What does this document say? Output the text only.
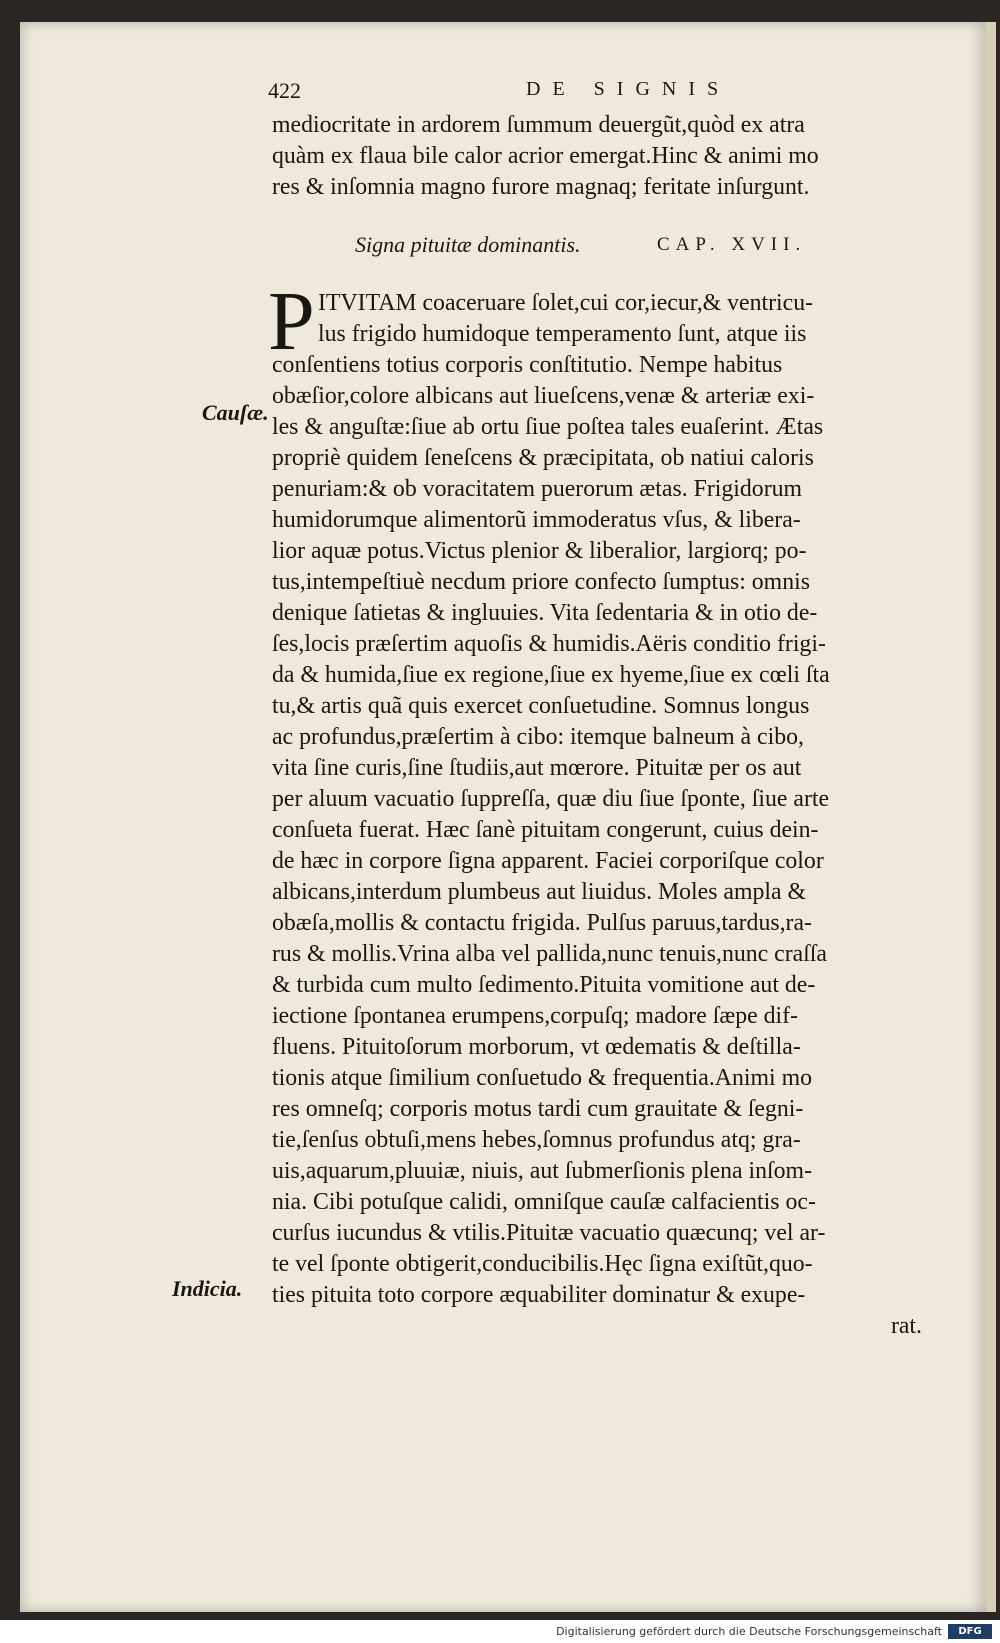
422	DE SIGNIS
mediocritate in ardorem ſummum deuergũt,quòd ex atra
quàm ex flaua bile calor acrior emergat.Hinc & animi mo
res & inſomnia magno furore magnaq; feritate inſurgunt.
Signa pituitæ dominantis.	CAP. XVII.
P ITVITAM coaceruare ſolet,cui cor,iecur,& ventricu-
lus frigido humidoque temperamento ſunt, atque iis
conſentiens totius corporis conſtitutio. Nempe habitus
obæſior,colore albicans aut liueſcens,venæ & arteriæ exi-
les & anguſtæ:ſiue ab ortu ſiue poſtea tales euaſerint. Ætas
propriè quidem ſeneſcens & præcipitata, ob natiui caloris
penuriam:& ob voracitatem puerorum ætas. Frigidorum
humidorumque alimentorũ immoderatus vſus, & libera-
lior aquæ potus.Victus plenior & liberalior, largiorq; po-
tus,intempeſtiuè necdum priore confecto ſumptus: omnis
denique ſatietas & ingluuies. Vita ſedentaria & in otio de-
ſes,locis præſertim aquoſis & humidis.Aëris conditio frigi-
da & humida,ſiue ex regione,ſiue ex hyeme,ſiue ex cœli ſta
tu,& artis quã quis exercet conſuetudine. Somnus longus
ac profundus,præſertim à cibo: itemque balneum à cibo,
vita ſine curis,ſine ſtudiis,aut mœrore. Pituitæ per os aut
per aluum vacuatio ſuppreſſa, quæ diu ſiue ſponte, ſiue arte
conſueta fuerat. Hæc ſanè pituitam congerunt, cuius dein-
de hæc in corpore ſigna apparent. Faciei corporiſque color
albicans,interdum plumbeus aut liuidus. Moles ampla &
obæſa,mollis & contactu frigida. Pulſus paruus,tardus,ra-
rus & mollis.Vrina alba vel pallida,nunc tenuis,nunc craſſa
& turbida cum multo ſedimento.Pituita vomitione aut de-
iectione ſpontanea erumpens,corpuſq; madore ſæpe dif-
fluens. Pituitoſorum morborum, vt œdematis & deſtilla-
tionis atque ſimilium conſuetudo & frequentia.Animi mo
res omneſq; corporis motus tardi cum grauitate & ſegni-
tie,ſenſus obtuſi,mens hebes,ſomnus profundus atq; gra-
uis,aquarum,pluuiæ, niuis, aut ſubmerſionis plena inſom-
nia. Cibi potuſque calidi, omniſque cauſæ calfacientis oc-
curſus iucundus & vtilis.Pituitæ vacuatio quæcunq; vel ar-
te vel ſponte obtigerit,conducibilis.Hęc ſigna exiſtũt,quo-
ties pituita toto corpore æquabiliter dominatur & exupe-
rat.
Cauſæ.
Indicia.
Digitalisierung gefördert durch die Deutsche Forschungsgemeinschaft	DFG
